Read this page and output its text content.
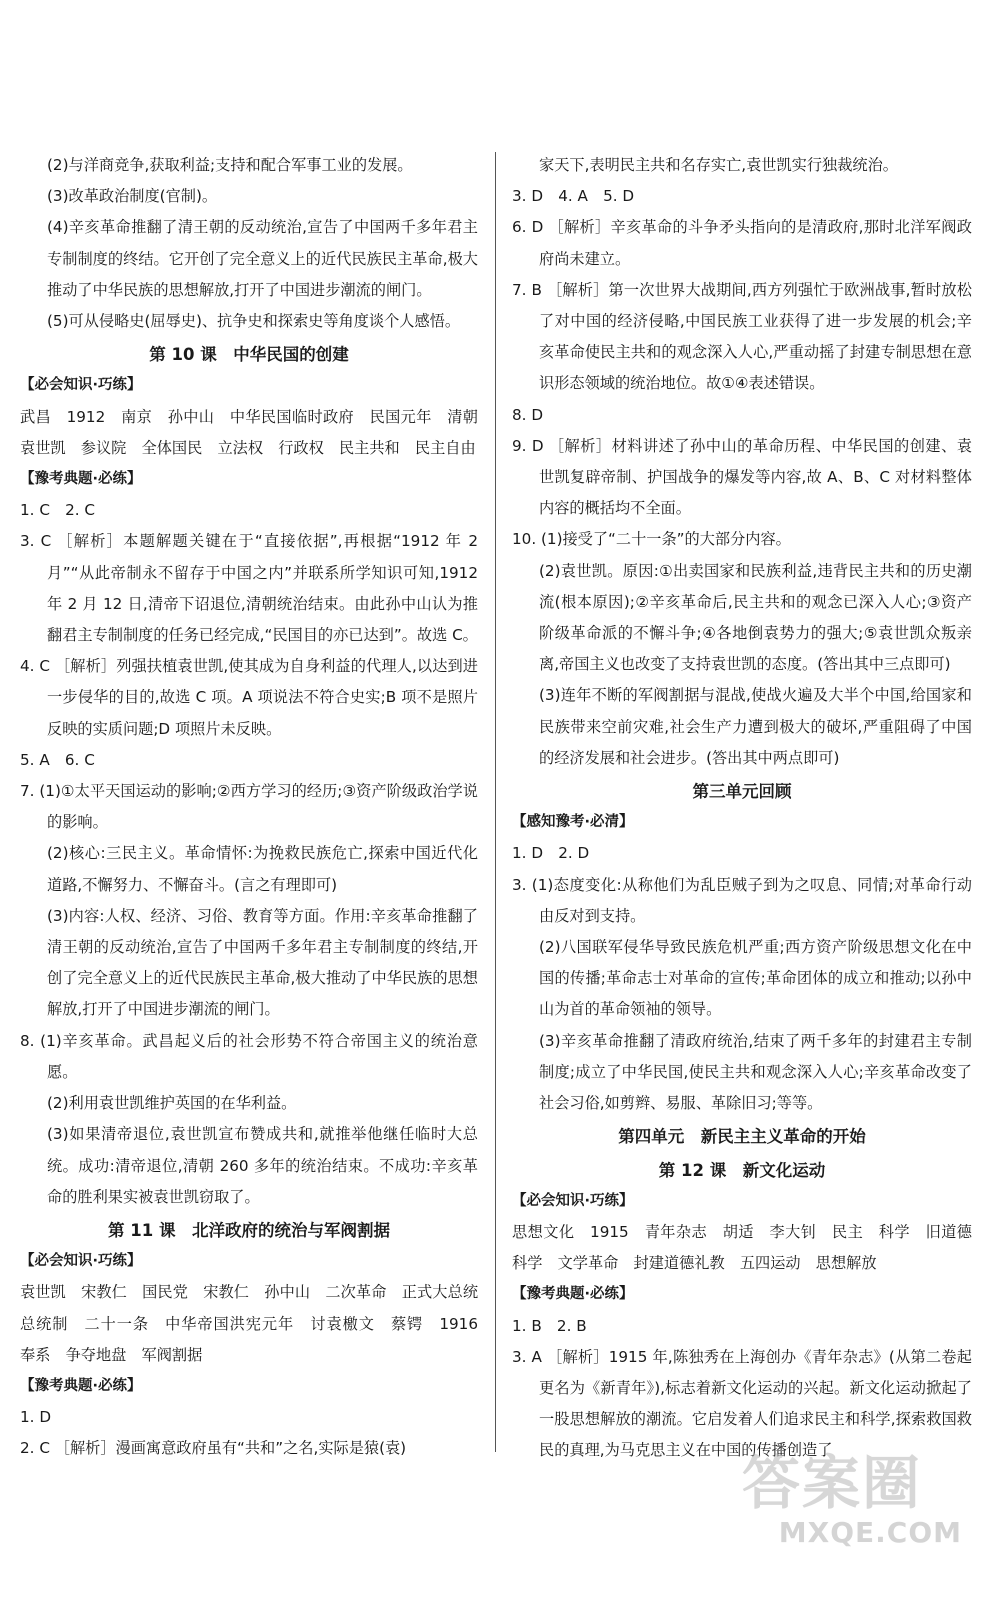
(2)与洋商竞争,获取利益;支持和配合军事工业的发展。
(3)改革政治制度(官制)。
(4)辛亥革命推翻了清王朝的反动统治,宣告了中国两千多年君主专制制度的终结。它开创了完全意义上的近代民族民主革命,极大推动了中华民族的思想解放,打开了中国进步潮流的闸门。
(5)可从侵略史(屈辱史)、抗争史和探索史等角度谈个人感悟。
第 10 课　中华民国的创建
【必会知识·巧练】
武昌　1912　南京　孙中山　中华民国临时政府　民国元年　清朝　袁世凯　参议院　全体国民　立法权　行政权　民主共和　民主自由
【豫考典题·必练】
1. C　2. C
3. C ［解析］本题解题关键在于“直接依据”,再根据“1912 年 2 月”“从此帝制永不留存于中国之内”并联系所学知识可知,1912 年 2 月 12 日,清帝下诏退位,清朝统治结束。由此孙中山认为推翻君主专制制度的任务已经完成,“民国目的亦已达到”。故选 C。
4. C ［解析］列强扶植袁世凯,使其成为自身利益的代理人,以达到进一步侵华的目的,故选 C 项。A 项说法不符合史实;B 项不是照片反映的实质问题;D 项照片未反映。
5. A　6. C
7. (1)①太平天国运动的影响;②西方学习的经历;③资产阶级政治学说的影响。
(2)核心:三民主义。革命情怀:为挽救民族危亡,探索中国近代化道路,不懈努力、不懈奋斗。(言之有理即可)
(3)内容:人权、经济、习俗、教育等方面。作用:辛亥革命推翻了清王朝的反动统治,宣告了中国两千多年君主专制制度的终结,开创了完全意义上的近代民族民主革命,极大推动了中华民族的思想解放,打开了中国进步潮流的闸门。
8. (1)辛亥革命。武昌起义后的社会形势不符合帝国主义的统治意愿。
(2)利用袁世凯维护英国的在华利益。
(3)如果清帝退位,袁世凯宣布赞成共和,就推举他继任临时大总统。成功:清帝退位,清朝 260 多年的统治结束。不成功:辛亥革命的胜利果实被袁世凯窃取了。
第 11 课　北洋政府的统治与军阀割据
【必会知识·巧练】
袁世凯　宋教仁　国民党　宋教仁　孙中山　二次革命　正式大总统　总统制　二十一条　中华帝国洪宪元年　讨袁檄文　蔡锷　1916　奉系　争夺地盘　军阀割据
【豫考典题·必练】
1. D
2. C ［解析］漫画寓意政府虽有“共和”之名,实际是猿(袁)
家天下,表明民主共和名存实亡,袁世凯实行独裁统治。
3. D　4. A　5. D
6. D ［解析］辛亥革命的斗争矛头指向的是清政府,那时北洋军阀政府尚未建立。
7. B ［解析］第一次世界大战期间,西方列强忙于欧洲战事,暂时放松了对中国的经济侵略,中国民族工业获得了进一步发展的机会;辛亥革命使民主共和的观念深入人心,严重动摇了封建专制思想在意识形态领域的统治地位。故①④表述错误。
8. D
9. D ［解析］材料讲述了孙中山的革命历程、中华民国的创建、袁世凯复辟帝制、护国战争的爆发等内容,故 A、B、C 对材料整体内容的概括均不全面。
10. (1)接受了“二十一条”的大部分内容。
(2)袁世凯。原因:①出卖国家和民族利益,违背民主共和的历史潮流(根本原因);②辛亥革命后,民主共和的观念已深入人心;③资产阶级革命派的不懈斗争;④各地倒袁势力的强大;⑤袁世凯众叛亲离,帝国主义也改变了支持袁世凯的态度。(答出其中三点即可)
(3)连年不断的军阀割据与混战,使战火遍及大半个中国,给国家和民族带来空前灾难,社会生产力遭到极大的破坏,严重阻碍了中国的经济发展和社会进步。(答出其中两点即可)
第三单元回顾
【感知豫考·必清】
1. D　2. D
3. (1)态度变化:从称他们为乱臣贼子到为之叹息、同情;对革命行动由反对到支持。
(2)八国联军侵华导致民族危机严重;西方资产阶级思想文化在中国的传播;革命志士对革命的宣传;革命团体的成立和推动;以孙中山为首的革命领袖的领导。
(3)辛亥革命推翻了清政府统治,结束了两千多年的封建君主专制制度;成立了中华民国,使民主共和观念深入人心;辛亥革命改变了社会习俗,如剪辫、易服、革除旧习;等等。
第四单元　新民主主义革命的开始
第 12 课　新文化运动
【必会知识·巧练】
思想文化　1915　青年杂志　胡适　李大钊　民主　科学　旧道德　科学　文学革命　封建道德礼教　五四运动　思想解放
【豫考典题·必练】
1. B　2. B
3. A ［解析］1915 年,陈独秀在上海创办《青年杂志》(从第二卷起更名为《新青年》),标志着新文化运动的兴起。新文化运动掀起了一股思想解放的潮流。它启发着人们追求民主和科学,探索救国救民的真理,为马克思主义在中国的传播创造了
答案圈
MXQE.COM
